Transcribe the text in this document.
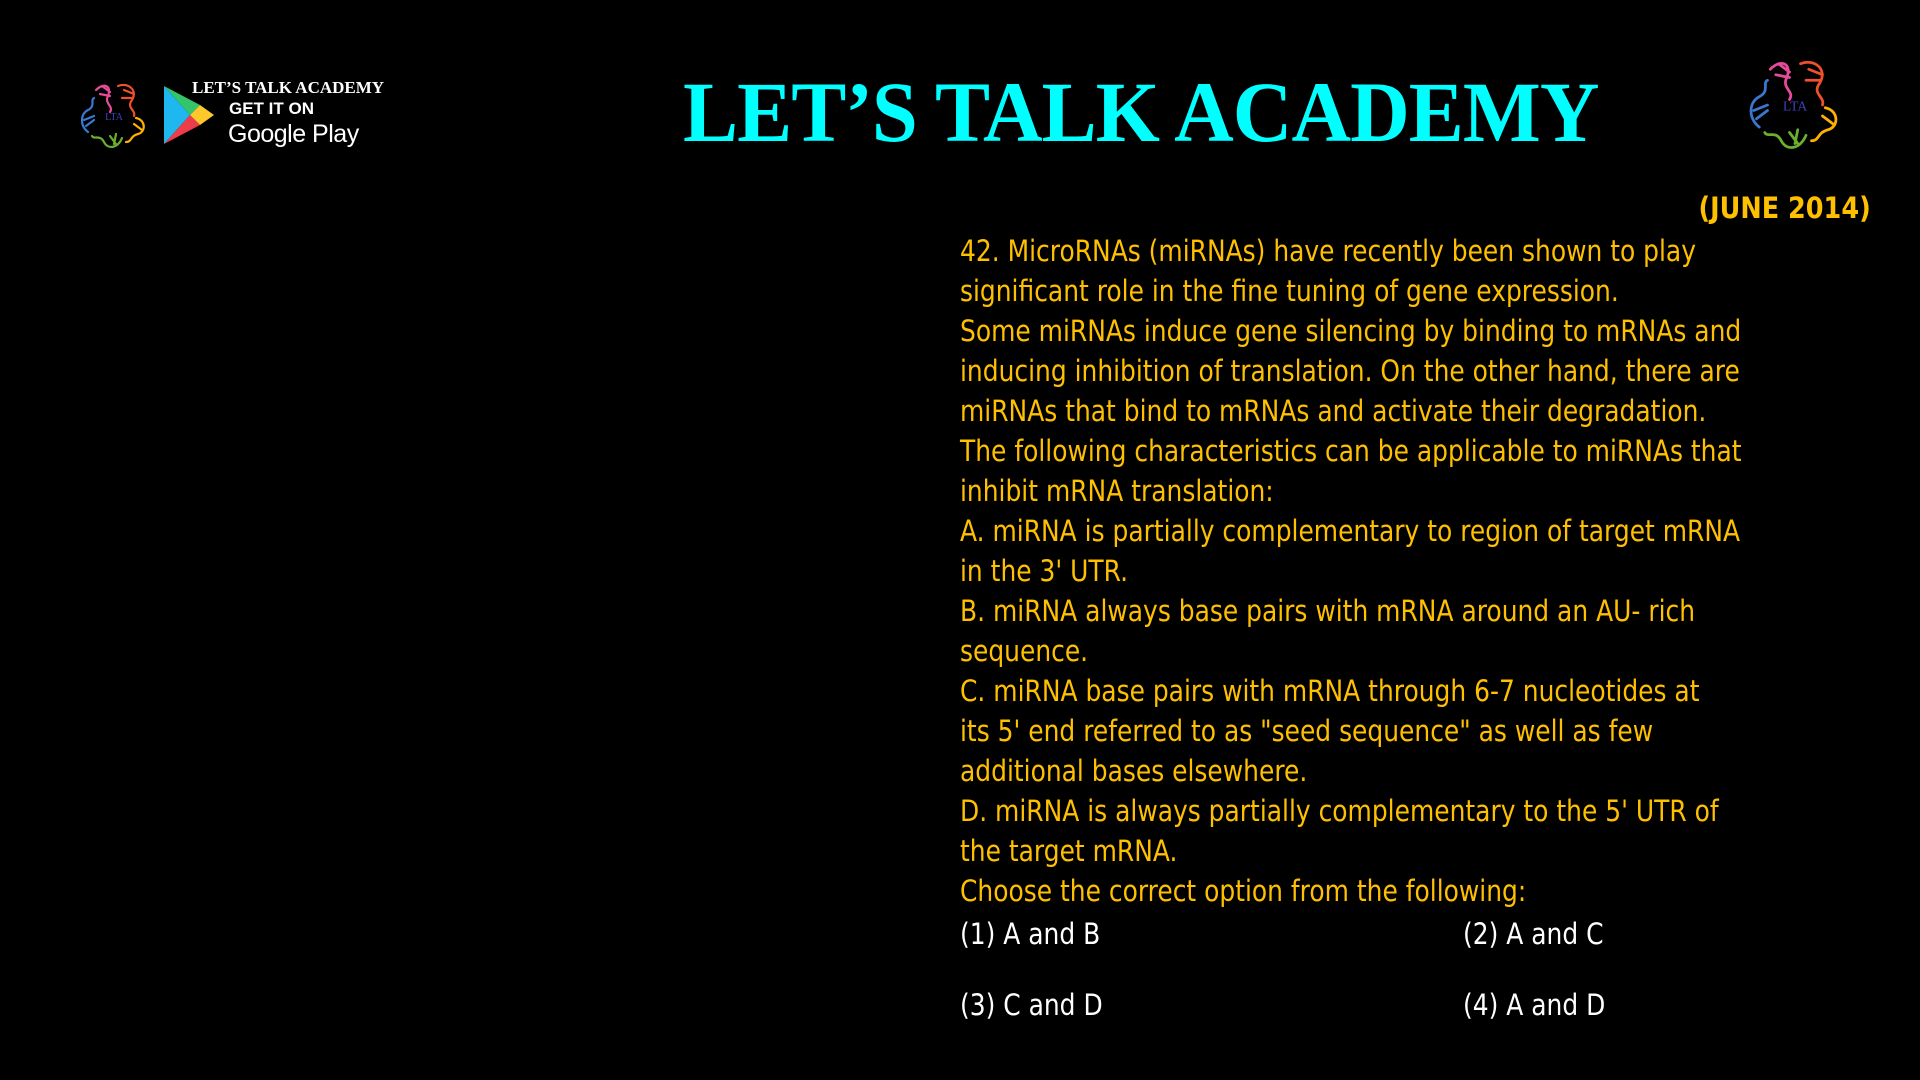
LTA
LET’S TALK ACADEMY
GET IT ON
Google Play	LET’S TALK ACADEMY	LTA
(JUNE 2014)
42. MicroRNAs (miRNAs) have recently been shown to play
significant role in the fine tuning of gene expression.
Some miRNAs induce gene silencing by binding to mRNAs and
inducing inhibition of translation. On the other hand, there are
miRNAs that bind to mRNAs and activate their degradation.
The following characteristics can be applicable to miRNAs that
inhibit mRNA translation:
A. miRNA is partially complementary to region of target mRNA
in the 3' UTR.
B. miRNA always base pairs with mRNA around an AU- rich
sequence.
C. miRNA base pairs with mRNA through 6-7 nucleotides at
its 5' end referred to as "seed sequence" as well as few
additional bases elsewhere.
D. miRNA is always partially complementary to the 5' UTR of
the target mRNA.
Choose the correct option from the following:
(1) A and B	(2) A and C
(3) C and D	(4) A and D
